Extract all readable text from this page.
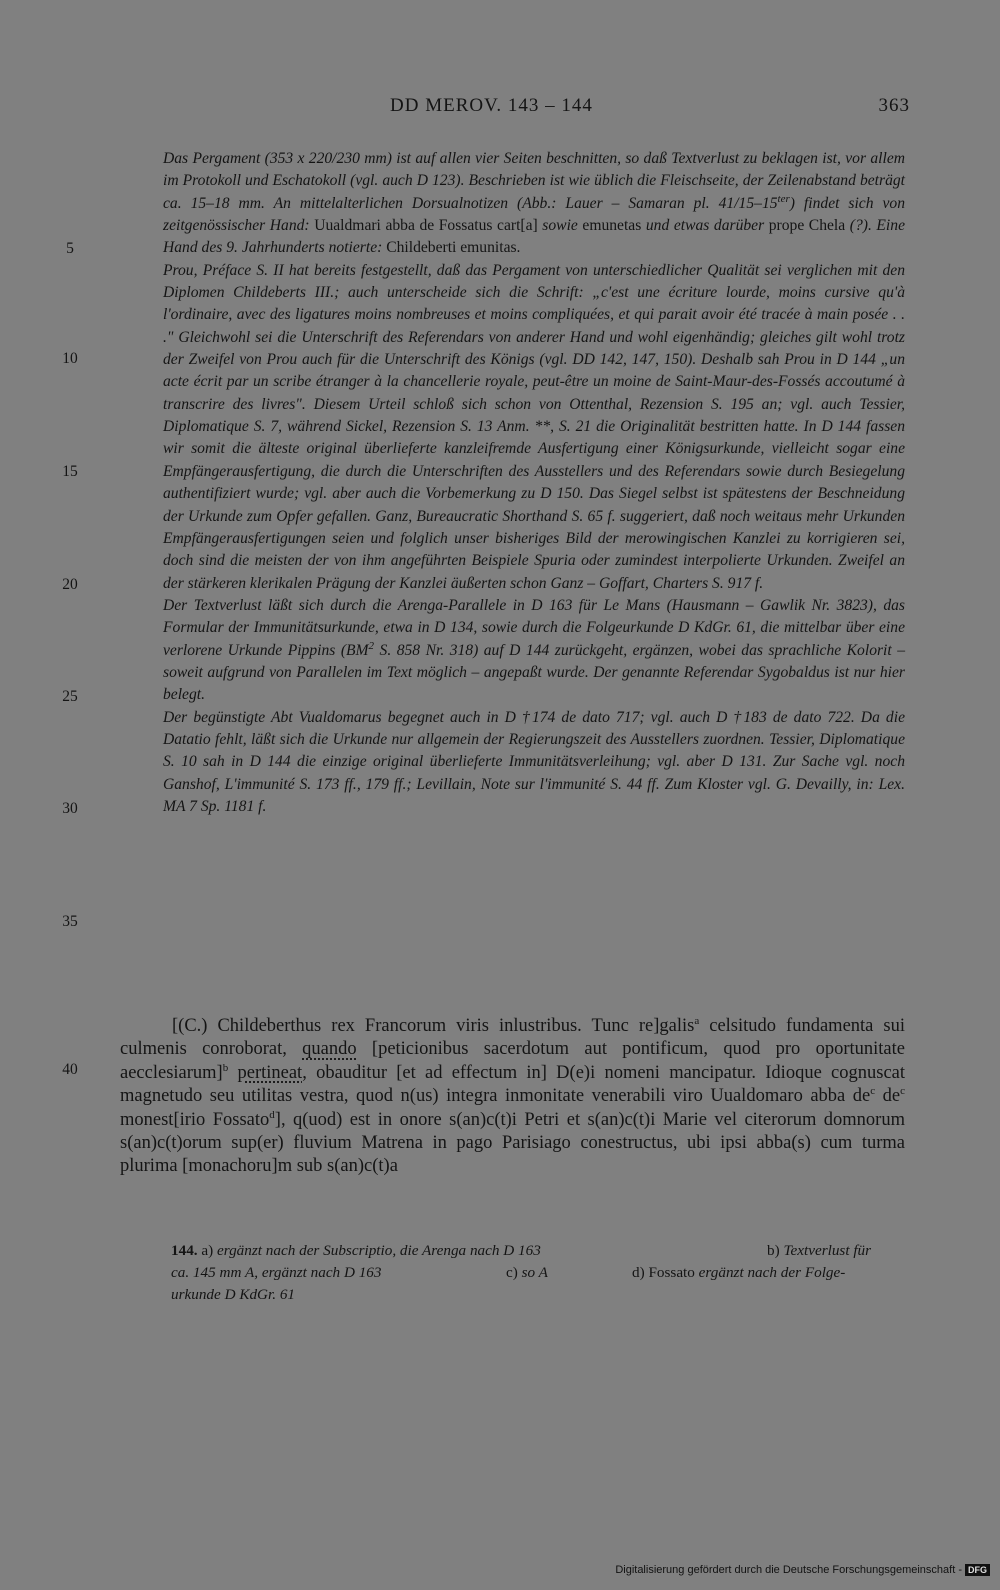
DD MEROV. 143 – 144	363
5
10
15
20
25
30
35
40

Das Pergament (353 x 220/230 mm) ist auf allen vier Seiten beschnitten, so daß Textverlust zu beklagen ist, vor allem im Protokoll und Eschatokoll (vgl. auch D 123). Beschrieben ist wie üblich die Fleischseite, der Zeilenabstand beträgt ca. 15–18 mm. An mittelalterlichen Dorsualnotizen (Abb.: Lauer – Samaran pl. $41/15-15^{ter}$) findet sich von zeitgenössischer Hand: Uualdmari abba de Fossatus cart[a] sowie emunetas und etwas darüber prope Chela (?). Eine Hand des 9. Jahrhunderts notierte: Childeberti emunitas.

Prou, Préface S. II hat bereits festgestellt, daß das Pergament von unterschiedlicher Qualität sei verglichen mit den Diplomen Childeberts III.; auch unterscheide sich die Schrift: „c'est une écriture lourde, moins cursive qu'à l'ordinaire, avec des ligatures moins nombreuses et moins compliquées, et qui parait avoir été tracée à main posée . . ." Gleichwohl sei die Unterschrift des Referendars von anderer Hand und wohl eigenhändig; gleiches gilt wohl trotz der Zweifel von Prou auch für die Unterschrift des Königs (vgl. DD 142, 147, 150). Deshalb sah Prou in D 144 „un acte écrit par un scribe étranger à la chancellerie royale, peut-être un moine de Saint-Maur-des-Fossés accoutumé à transcrire des livres". Diesem Urteil schloß sich schon von Ottenthal, Rezension S. 195 an; vgl. auch Tessier, Diplomatique S. 7, während Sickel, Rezension S. 13 Anm. **, S. 21 die Originalität bestritten hatte. In D 144 fassen wir somit die älteste original überlieferte kanzleifremde Ausfertigung einer Königsurkunde, vielleicht sogar eine Empfängerausfertigung, die durch die Unterschriften des Ausstellers und des Referendars sowie durch Besiegelung authentifiziert wurde; vgl. aber auch die Vorbemerkung zu D 150. Das Siegel selbst ist spätestens der Beschneidung der Urkunde zum Opfer gefallen. Ganz, Bureaucratic Shorthand S. 65 f. suggeriert, daß noch weitaus mehr Urkunden Empfängerausfertigungen seien und folglich unser bisheriges Bild der merowingischen Kanzlei zu korrigieren sei, doch sind die meisten der von ihm angeführten Beispiele Spuria oder zumindest interpolierte Urkunden. Zweifel an der stärkeren klerikalen Prägung der Kanzlei äußerten schon Ganz – Goffart, Charters S. 917 f.

Der Textverlust läßt sich durch die Arenga-Parallele in D 163 für Le Mans (Hausmann – Gawlik Nr. 3823), das Formular der Immunitätsurkunde, etwa in D 134, sowie durch die Folgeurkunde D KdGr. 61, die mittelbar über eine verlorene Urkunde Pippins ($BM^2$ S. 858 Nr. 318) auf D 144 zurückgeht, ergänzen, wobei das sprachliche Kolorit – soweit aufgrund von Parallelen im Text möglich – angepaßt wurde. Der genannte Referendar Sygobaldus ist nur hier belegt.

Der begünstigte Abt Vualdomarus begegnet auch in D †174 de dato 717; vgl. auch D †183 de dato 722. Da die Datatio fehlt, läßt sich die Urkunde nur allgemein der Regierungszeit des Ausstellers zuordnen. Tessier, Diplomatique S. 10 sah in D 144 die einzige original überlieferte Immunitätsverleihung; vgl. aber D 131. Zur Sache vgl. noch Ganshof, L'immunité S. 173 ff., 179 ff.; Levillain, Note sur l'immunité S. 44 ff. Zum Kloster vgl. G. Devailly, in: Lex. MA 7 Sp. 1181 f.

[(C.) Childeberthus rex Francorum viris inlustribus. Tunc re]galis$^a$ celsitudo fundamenta sui culmenis conroborat, quando [peticionibus sacerdotum aut pontificum, quod pro oportunitate aecclesiarum]$^b$ pertineat, obauditur [et ad effectum in] D(e)i nomeni mancipatur. Idioque cognuscat magnetudo seu utilitas vestra, quod n(us) integra inmonitate venerabili viro Uualdomaro abba $de^c$ $de^c$ monest[irio Fossato$^d$], q(uod) est in onore s(an)c(t)i Petri et s(an)c(t)i Marie vel citerorum domnorum s(an)c(t)orum sup(er) fluvium Matrena in pago Parisiago conestructus, ubi ipsi abba(s) cum turma plurima [monachoru]m sub s(an)c(t)a

144. a) ergänzt nach der Subscriptio, die Arenga nach D 163	b) Textverlust für
ca. 145 mm A, ergänzt nach D 163	c) so A	d) Fossato ergänzt nach der Folge-
urkunde D KdGr. 61
Digitalisierung gefördert durch die Deutsche Forschungsgemeinschaft - DFG
